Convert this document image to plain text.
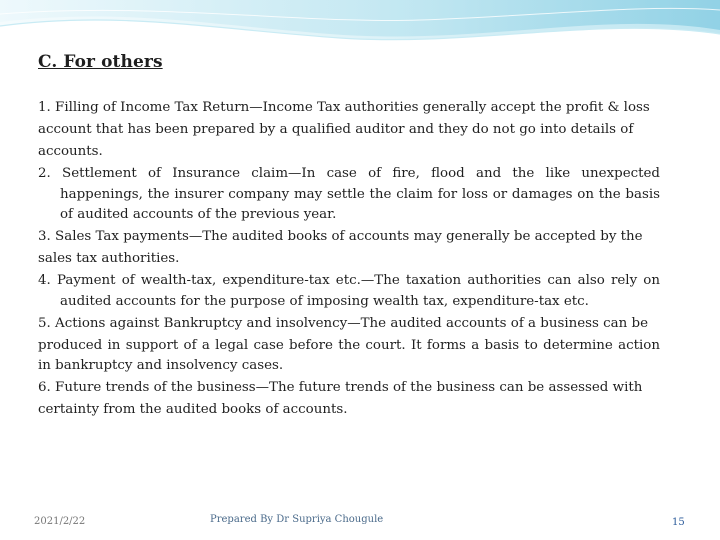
C. For others

1. Filling of Income Tax Return—Income Tax authorities generally accept the profit & loss

account that has been prepared by a qualified auditor and they do not go into details of

accounts.

2. Settlement of Insurance claim—In case of fire, flood and the like unexpected happenings, the insurer company may settle the claim for loss or damages on the basis of audited accounts of the previous year.

3. Sales Tax payments—The audited books of accounts may generally be accepted by the

sales tax authorities.

4. Payment of wealth-tax, expenditure-tax etc.—The taxation authorities can also rely on audited accounts for the purpose of imposing wealth tax, expenditure-tax etc.

5. Actions against Bankruptcy and insolvency—The audited accounts of a business can be

produced in support of a legal case before the court. It forms a basis to determine action in bankruptcy and insolvency cases.

6. Future trends of the business—The future trends of the business can be assessed with

certainty from the audited books of accounts.

2021/2/22	Prepared By Dr Supriya Chougule	15
